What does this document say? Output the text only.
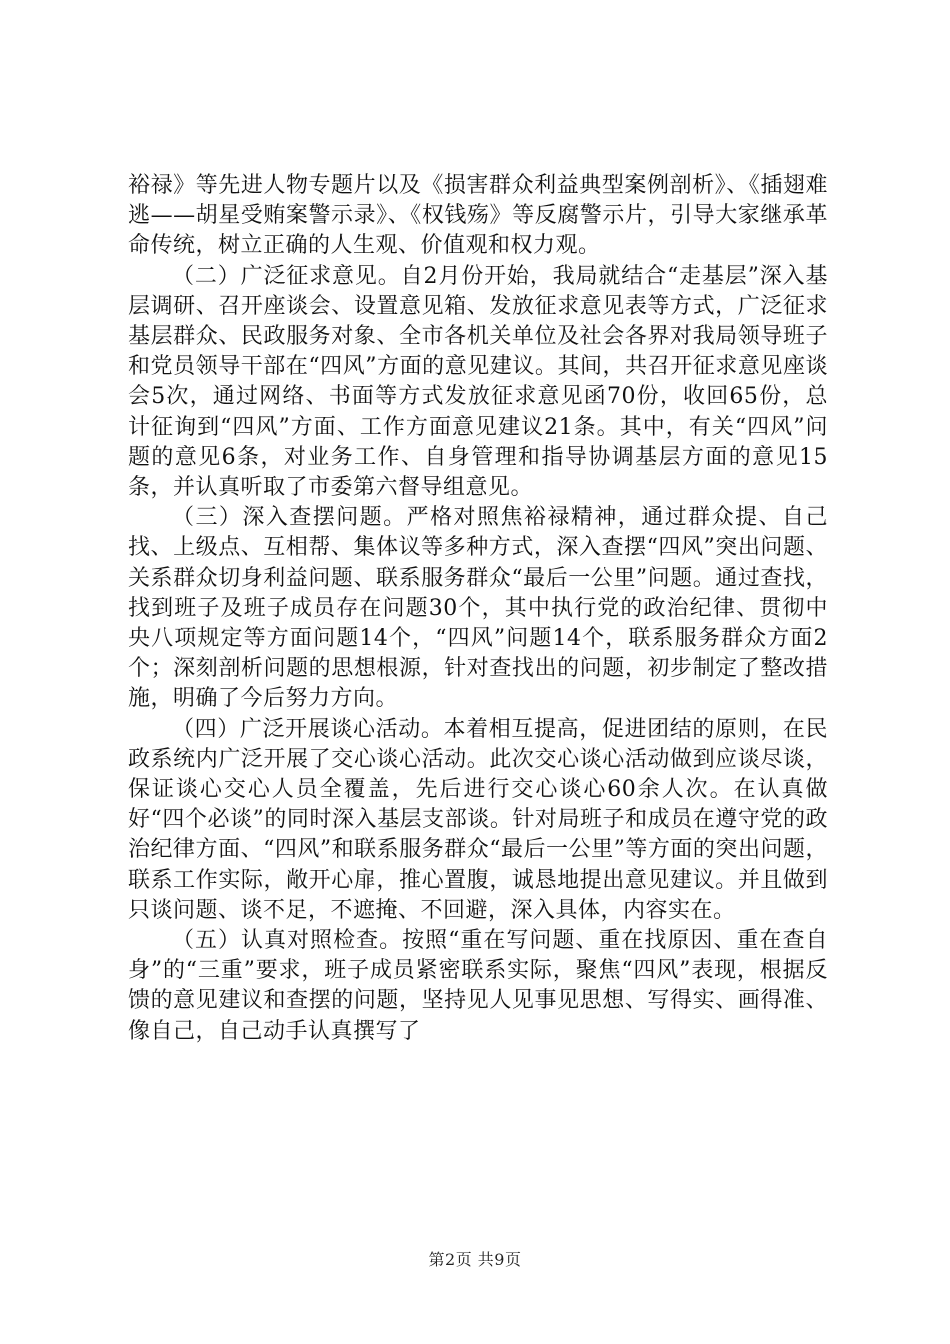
裕禄》等先进人物专题片以及《损害群众利益典型案例剖析》、《插翅难逃——胡星受贿案警示录》、《权钱殇》等反腐警示片，引导大家继承革命传统，树立正确的人生观、价值观和权力观。

（二）广泛征求意见。自2月份开始，我局就结合“走基层”深入基层调研、召开座谈会、设置意见箱、发放征求意见表等方式，广泛征求基层群众、民政服务对象、全市各机关单位及社会各界对我局领导班子和党员领导干部在“四风”方面的意见建议。其间，共召开征求意见座谈会5次，通过网络、书面等方式发放征求意见函70份，收回65份，总计征询到“四风”方面、工作方面意见建议21条。其中，有关“四风”问题的意见6条，对业务工作、自身管理和指导协调基层方面的意见15条，并认真听取了市委第六督导组意见。

（三）深入查摆问题。严格对照焦裕禄精神，通过群众提、自己找、上级点、互相帮、集体议等多种方式，深入查摆“四风”突出问题、关系群众切身利益问题、联系服务群众“最后一公里”问题。通过查找，找到班子及班子成员存在问题30个，其中执行党的政治纪律、贯彻中央八项规定等方面问题14个，“四风”问题14个，联系服务群众方面2个；深刻剖析问题的思想根源，针对查找出的问题，初步制定了整改措施，明确了今后努力方向。

（四）广泛开展谈心活动。本着相互提高，促进团结的原则，在民政系统内广泛开展了交心谈心活动。此次交心谈心活动做到应谈尽谈，保证谈心交心人员全覆盖，先后进行交心谈心60余人次。在认真做好“四个必谈”的同时深入基层支部谈。针对局班子和成员在遵守党的政治纪律方面、“四风”和联系服务群众“最后一公里”等方面的突出问题，联系工作实际，敞开心扉，推心置腹，诚恳地提出意见建议。并且做到只谈问题、谈不足，不遮掩、不回避，深入具体，内容实在。

（五）认真对照检查。按照“重在写问题、重在找原因、重在查自身”的“三重”要求，班子成员紧密联系实际，聚焦“四风”表现，根据反馈的意见建议和查摆的问题，坚持见人见事见思想、写得实、画得准、像自己，自己动手认真撰写了

第2页 共9页
